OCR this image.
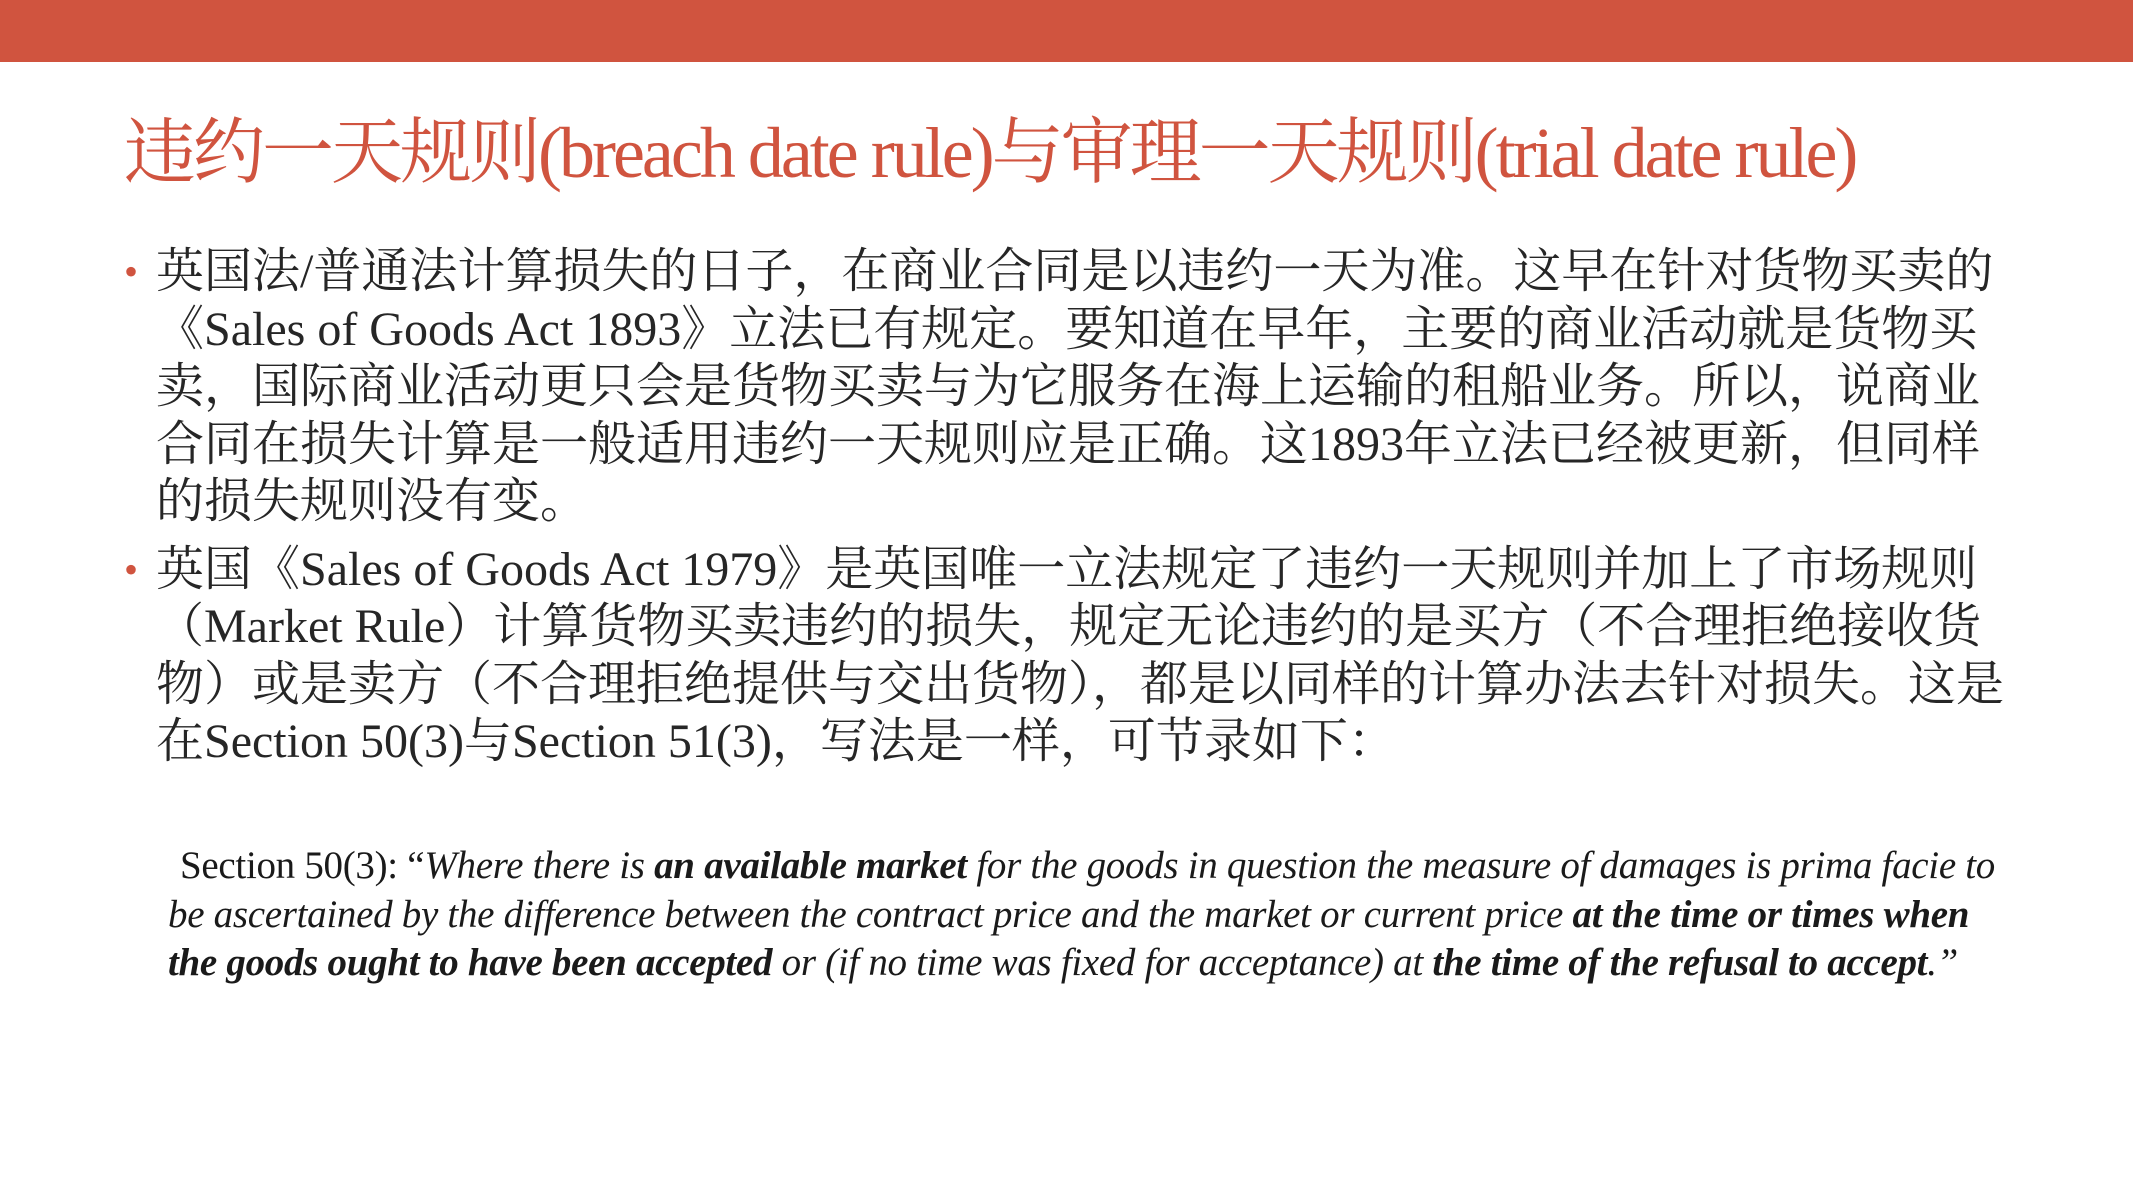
违约一天规则(breach date rule)与审理一天规则(trial date rule)
• 英国法/普通法计算损失的日子，在商业合同是以违约一天为准。这早在针对货物买卖的《Sales of Goods Act 1893》立法已有规定。要知道在早年，主要的商业活动就是货物买卖，国际商业活动更只会是货物买卖与为它服务在海上运输的租船业务。所以，说商业合同在损失计算是一般适用违约一天规则应是正确。这1893年立法已经被更新，但同样的损失规则没有变。
• 英国《Sales of Goods Act 1979》是英国唯一立法规定了违约一天规则并加上了市场规则（Market Rule）计算货物买卖违约的损失，规定无论违约的是买方（不合理拒绝接收货物）或是卖方（不合理拒绝提供与交出货物），都是以同样的计算办法去针对损失。这是在Section 50(3)与Section 51(3)，写法是一样，可节录如下：
Section 50(3): “Where there is an available market for the goods in question the measure of damages is prima facie to be ascertained by the difference between the contract price and the market or current price at the time or times when the goods ought to have been accepted or (if no time was fixed for acceptance) at the time of the refusal to accept.”
